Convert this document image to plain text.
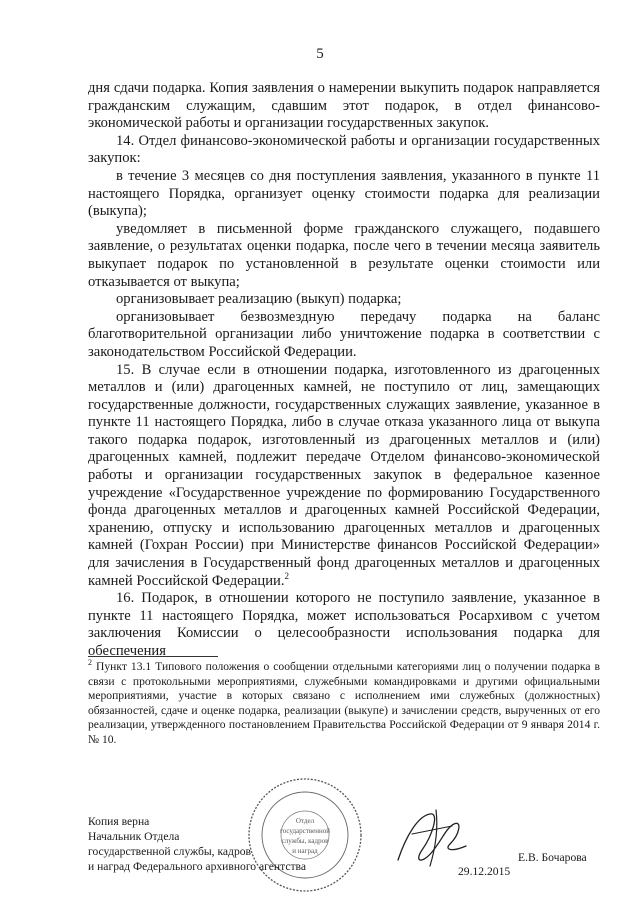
5

дня сдачи подарка. Копия заявления о намерении выкупить подарок направляется гражданским служащим, сдавшим этот подарок, в отдел финансово-экономической работы и организации государственных закупок.

14. Отдел финансово-экономической работы и организации государственных закупок:

в течение 3 месяцев со дня поступления заявления, указанного в пункте 11 настоящего Порядка, организует оценку стоимости подарка для реализации (выкупа);

уведомляет в письменной форме гражданского служащего, подавшего заявление, о результатах оценки подарка, после чего в течении месяца заявитель выкупает подарок по установленной в результате оценки стоимости или отказывается от выкупа;

организовывает реализацию (выкуп) подарка;

организовывает безвозмездную передачу подарка на баланс благотворительной организации либо уничтожение подарка в соответствии с законодательством Российской Федерации.

15. В случае если в отношении подарка, изготовленного из драгоценных металлов и (или) драгоценных камней, не поступило от лиц, замещающих государственные должности, государственных служащих заявление, указанное в пункте 11 настоящего Порядка, либо в случае отказа указанного лица от выкупа такого подарка подарок, изготовленный из драгоценных металлов и (или) драгоценных камней, подлежит передаче Отделом финансово-экономической работы и организации государственных закупок в федеральное казенное учреждение «Государственное учреждение по формированию Государственного фонда драгоценных металлов и драгоценных камней Российской Федерации, хранению, отпуску и использованию драгоценных металлов и драгоценных камней (Гохран России) при Министерстве финансов Российской Федерации» для зачисления в Государственный фонд драгоценных металлов и драгоценных камней Российской Федерации.$^2$

16. Подарок, в отношении которого не поступило заявление, указанное в пункте 11 настоящего Порядка, может использоваться Росархивом с учетом заключения Комиссии о целесообразности использования подарка для обеспечения

$^2$ Пункт 13.1 Типового положения о сообщении отдельными категориями лиц о получении подарка в связи с протокольными мероприятиями, служебными командировками и другими официальными мероприятиями, участие в которых связано с исполнением ими служебных (должностных) обязанностей, сдаче и оценке подарка, реализации (выкупе) и зачислении средств, вырученных от его реализации, утвержденного постановлением Правительства Российской Федерации от 9 января 2014 г. № 10.
Отдел
государственной
службы, кадров
и наград
Копия верна
Начальник Отдела
государственной службы, кадров
и наград Федерального архивного агентства
Е.В. Бочарова
29.12.2015
